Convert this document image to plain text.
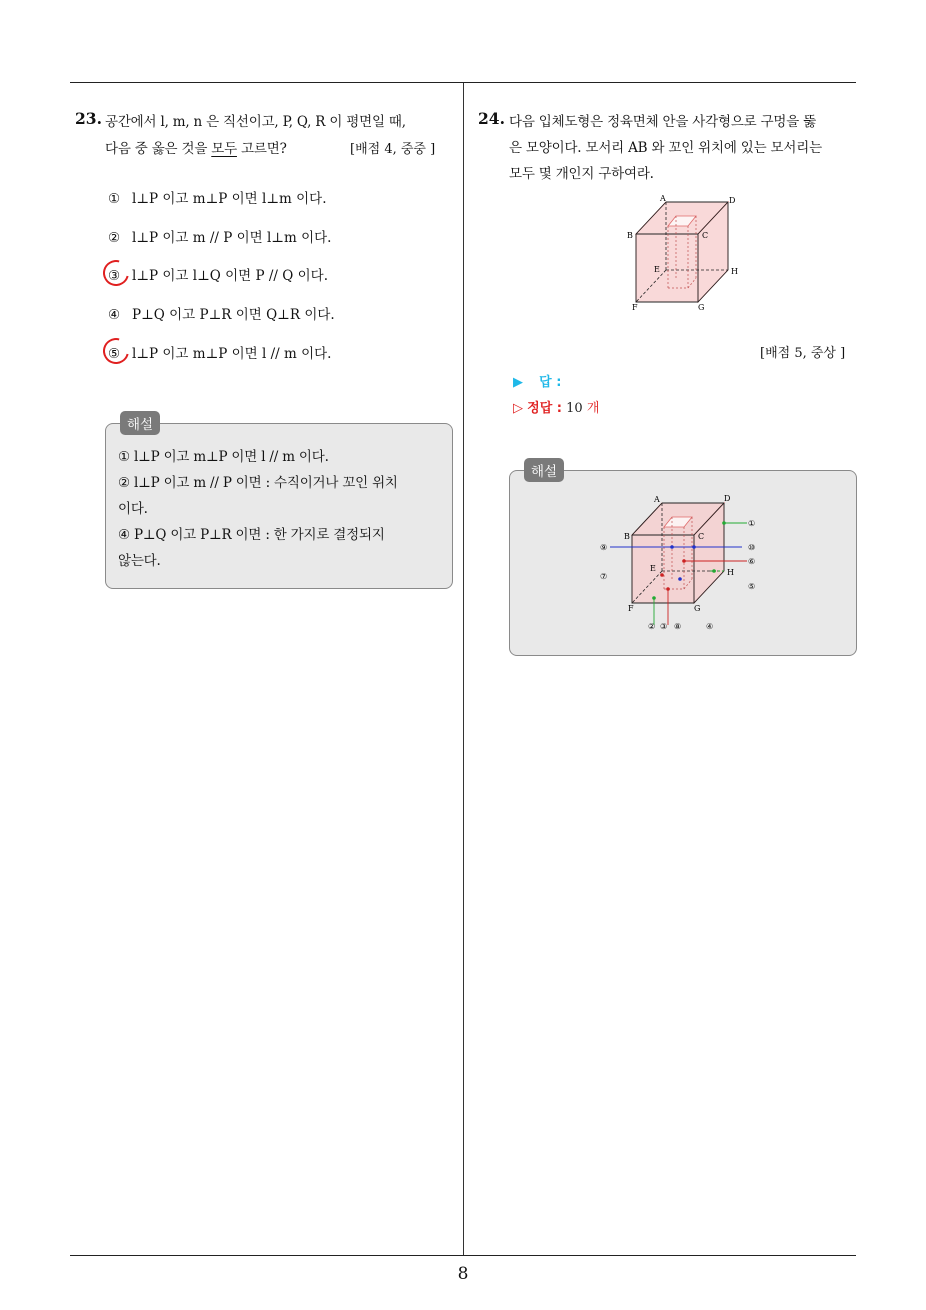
23. 공간에서 l, m, n 은 직선이고, P, Q, R 이 평면일 때,
다음 중 옳은 것을 모두 고르면?	[배점 4, 중중 ]
① l⊥P 이고 m⊥P 이면 l⊥m 이다.
② l⊥P 이고 m // P 이면 l⊥m 이다.
③ l⊥P 이고 l⊥Q 이면 P // Q 이다.
④ P⊥Q 이고 P⊥R 이면 Q⊥R 이다.
⑤ l⊥P 이고 m⊥P 이면 l // m 이다.
해설
① l⊥P 이고 m⊥P 이면 l // m 이다.
② l⊥P 이고 m // P 이면 : 수직이거나 꼬인 위치
이다.
④ P⊥Q 이고 P⊥R 이면 : 한 가지로 결정되지
않는다.
24. 다음 입체도형은 정육면체 안을 사각형으로 구멍을 뚫
은 모양이다. 모서리 AB 와 꼬인 위치에 있는 모서리는
모두 몇 개인지 구하여라.
A	D
B	C
E	H
F	G
[배점 5, 중상 ]
▶ 답 :
▷ 정답 : 10 개
해설
A	D
B	C
E	H
F	G
①
⑩
⑥
⑤
⑨
⑦
② ③ ⑧	④
8
